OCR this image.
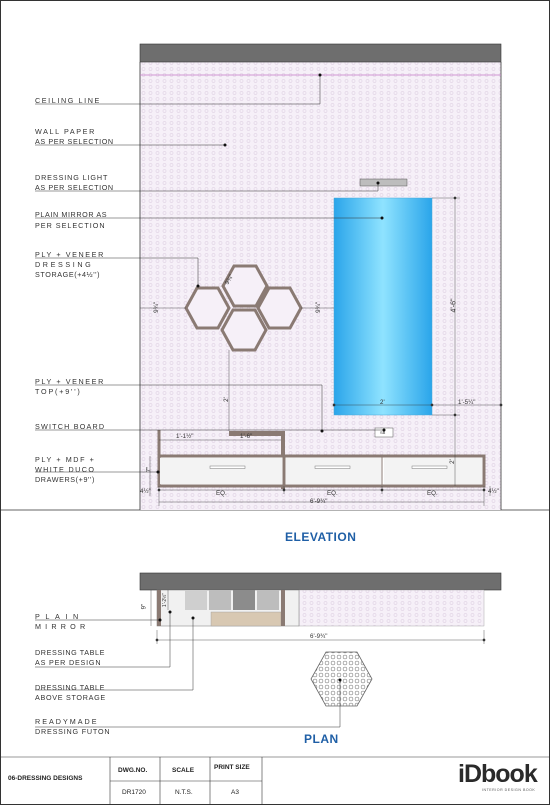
CEILING LINE
WALL PAPER
AS PER SELECTION
DRESSING LIGHT
AS PER SELECTION
PLAIN MIRROR AS
PER SELECTION
PLY + VENEER
DRESSING
STORAGE(+4½'')
PLY + VENEER
TOP(+9'')
SWITCH BOARD
PLY + MDF +
WHITE DUCO
DRAWERS(+9'')
9¾"
9¾"	9¾"	4'-6"
2'	1'-5¼"
2'
1'-1½"	1'-6"
7"
4½"	4½"
2'
EQ.	EQ.	EQ.
6'-9¾"
SB
ELEVATION
PLAIN
MIRROR
DRESSING TABLE
AS PER DESIGN
DRESSING TABLE
ABOVE STORAGE
READYMADE
DRESSING FUTON
9"	1'-2½"
6'-9¾"
PLAN
06-DRESSING DESIGNS
DWG.NO.
DR1720
SCALE
N.T.S.
PRINT SIZE
A3
iDbook
INTERIOR DESIGN BOOK
